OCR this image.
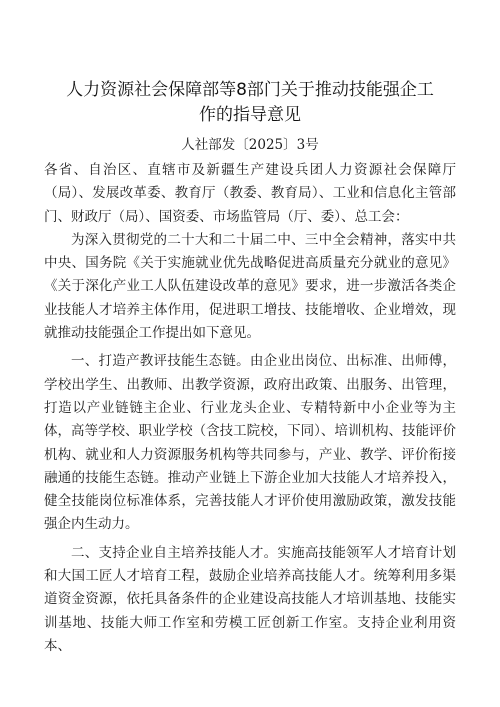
人力资源社会保障部等8部门关于推动技能强企工
作的指导意见
人社部发〔2025〕3号

各省、自治区、直辖市及新疆生产建设兵团人力资源社会保障厅（局）、发展改革委、教育厅（教委、教育局）、工业和信息化主管部门、财政厅（局）、国资委、市场监管局（厅、委）、总工会：

为深入贯彻党的二十大和二十届二中、三中全会精神，落实中共中央、国务院《关于实施就业优先战略促进高质量充分就业的意见》《关于深化产业工人队伍建设改革的意见》要求，进一步激活各类企业技能人才培养主体作用，促进职工增技、技能增收、企业增效，现就推动技能强企工作提出如下意见。

一、打造产教评技能生态链。由企业出岗位、出标准、出师傅，学校出学生、出教师、出教学资源，政府出政策、出服务、出管理，打造以产业链链主企业、行业龙头企业、专精特新中小企业等为主体，高等学校、职业学校（含技工院校，下同）、培训机构、技能评价机构、就业和人力资源服务机构等共同参与，产业、教学、评价衔接融通的技能生态链。推动产业链上下游企业加大技能人才培养投入，健全技能岗位标准体系，完善技能人才评价使用激励政策，激发技能强企内生动力。

二、支持企业自主培养技能人才。实施高技能领军人才培育计划和大国工匠人才培育工程，鼓励企业培养高技能人才。统筹利用多渠道资金资源，依托具备条件的企业建设高技能人才培训基地、技能实训基地、技能大师工作室和劳模工匠创新工作室。支持企业利用资本、
